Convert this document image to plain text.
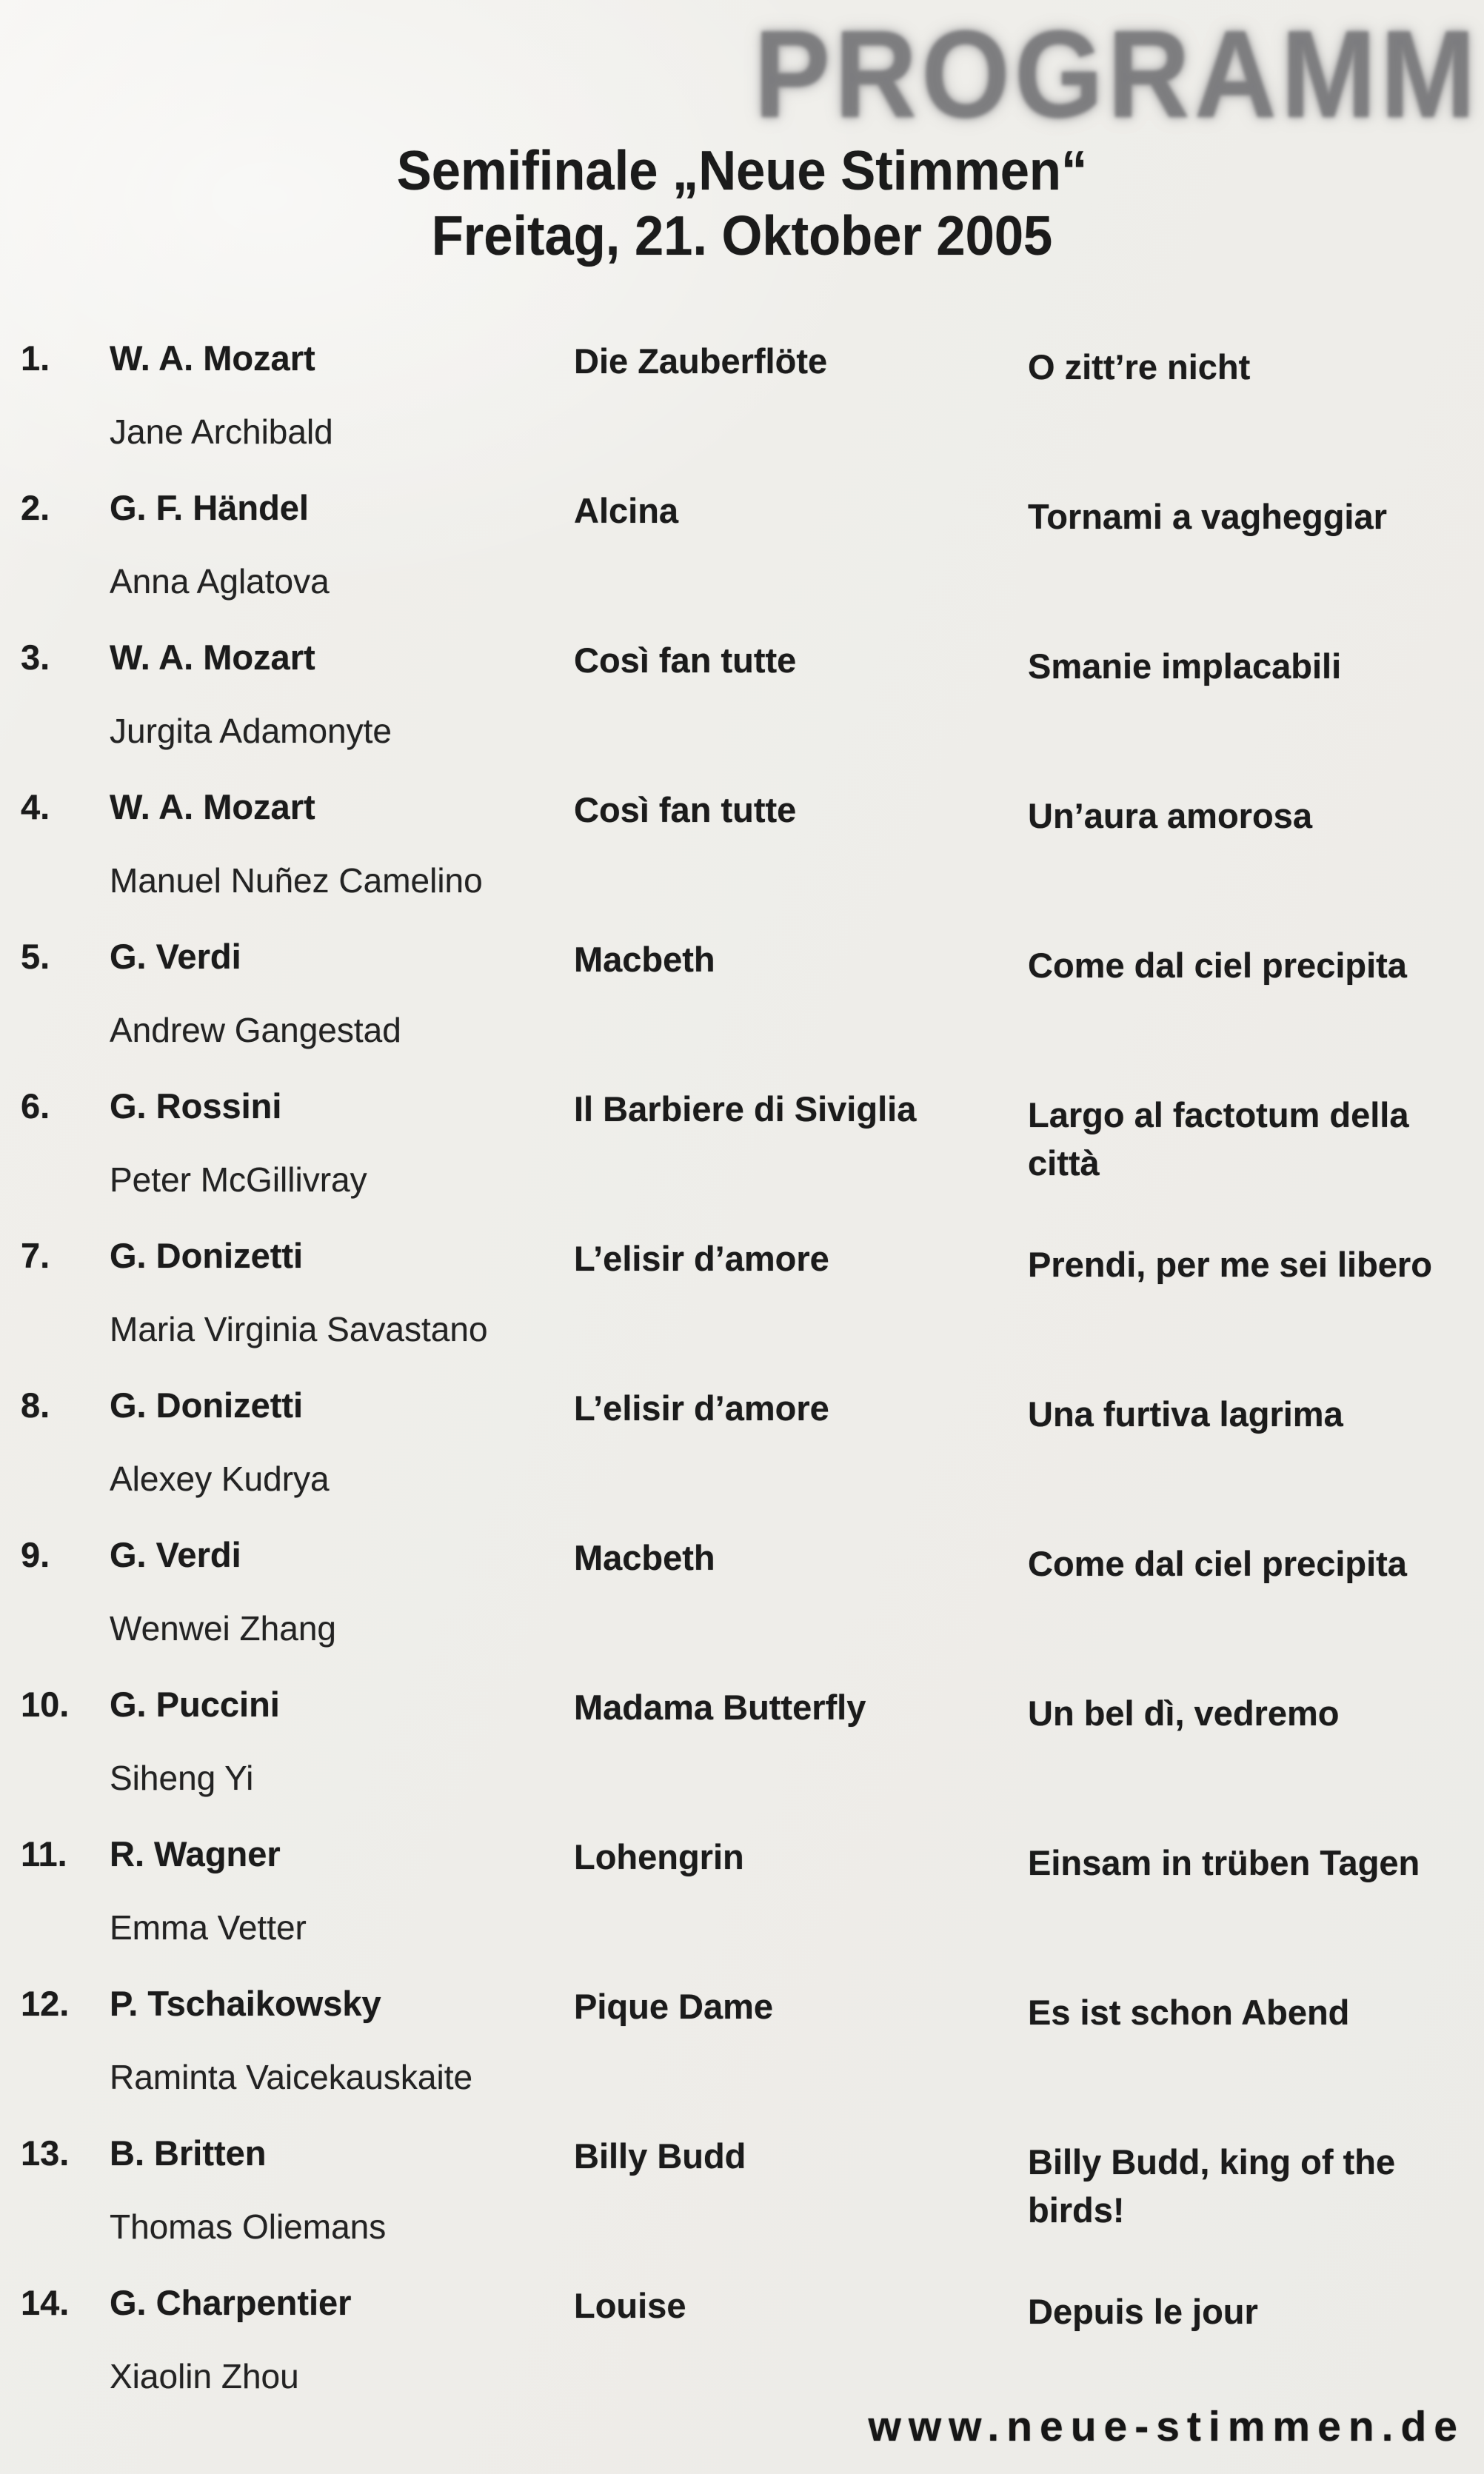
PROGRAMM
Semifinale „Neue Stimmen“
Freitag, 21. Oktober 2005
1.	W. A. Mozart	Die Zauberflöte	O zitt’re nicht
Jane Archibald
2.	G. F. Händel	Alcina	Tornami a vagheggiar
Anna Aglatova
3.	W. A. Mozart	Così fan tutte	Smanie implacabili
Jurgita Adamonyte
4.	W. A. Mozart	Così fan tutte	Un’aura amorosa
Manuel Nuñez Camelino
5.	G. Verdi	Macbeth	Come dal ciel precipita
Andrew Gangestad
6.	G. Rossini	Il Barbiere di Siviglia	Largo al factotum della città
Peter McGillivray
7.	G. Donizetti	L’elisir d’amore	Prendi, per me sei libero
Maria Virginia Savastano
8.	G. Donizetti	L’elisir d’amore	Una furtiva lagrima
Alexey Kudrya
9.	G. Verdi	Macbeth	Come dal ciel precipita
Wenwei Zhang
10.	G. Puccini	Madama Butterfly	Un bel dì, vedremo
Siheng Yi
11.	R. Wagner	Lohengrin	Einsam in trüben Tagen
Emma Vetter
12.	P. Tschaikowsky	Pique Dame	Es ist schon Abend
Raminta Vaicekauskaite
13.	B. Britten	Billy Budd	Billy Budd, king of the birds!
Thomas Oliemans
14.	G. Charpentier	Louise	Depuis le jour
Xiaolin Zhou
www.neue-stimmen.de
